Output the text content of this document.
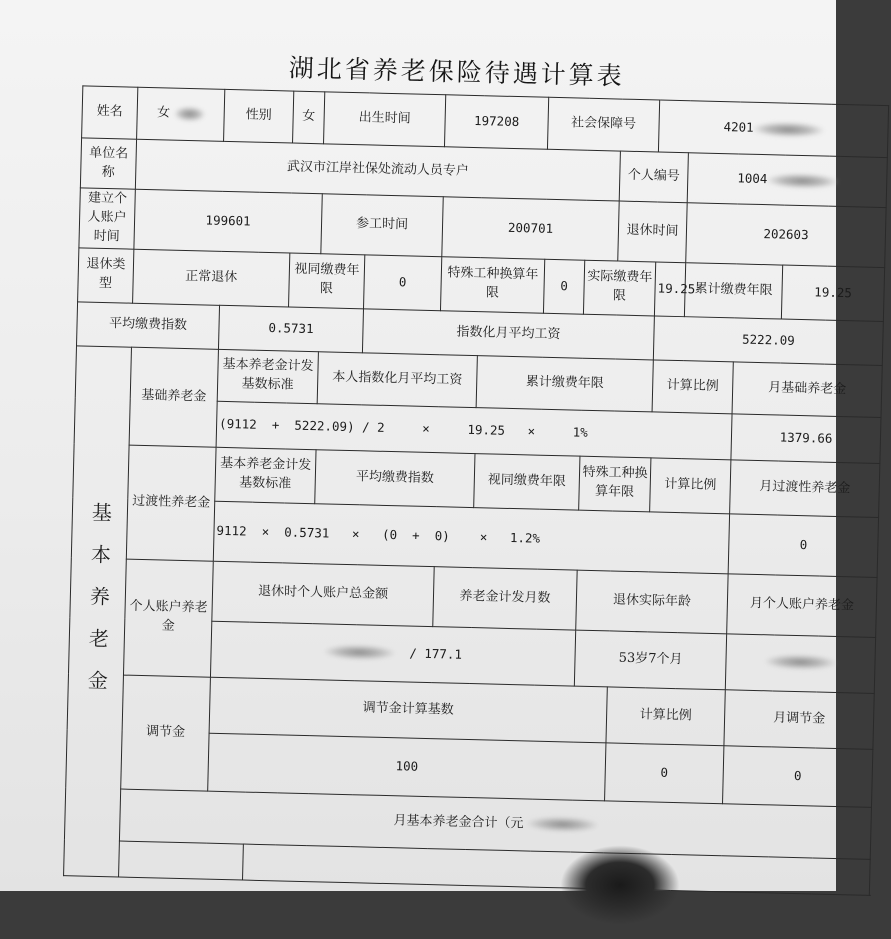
湖北省养老保险待遇计算表
姓名	女	性别		女	出生时间		197208		社会保障号			4201			
单位名称	武汉市江岸社保处流动人员专户										个人编号		1004		
建立个人账户时间	199601				参工时间		200701				退休时间		202603		
退休类型	正常退休			视同缴费年限		0	特殊工种换算年限		0	实际缴费年限		19.25	累计缴费年限		19.25
平均缴费指数		0.5731				指数化月平均工资						5222.09			
基本养老金	基础养老金	基本养老金计发基数标准			本人指数化月平均工资			累计缴费年限				计算比例		月基础养老金	
		(9112  +  5222.09) / 2     ×     19.25   ×     1%												1379.66	
	过渡性养老金	基本养老金计发基数标准			平均缴费指数			视同缴费年限		特殊工种换算年限		计算比例		月过渡性养老金	
		9112  ×  0.5731   ×   (0  +  0)    ×   1.2%												0	
	个人账户养老金	退休时个人账户总金额					养老金计发月数			退休实际年龄				月个人账户养老金	
		/ 177.1								53岁7个月					
	调节金	调节金计算基数									计算比例			月调节金	
		100									0			0	
	月基本养老金合计（元														
